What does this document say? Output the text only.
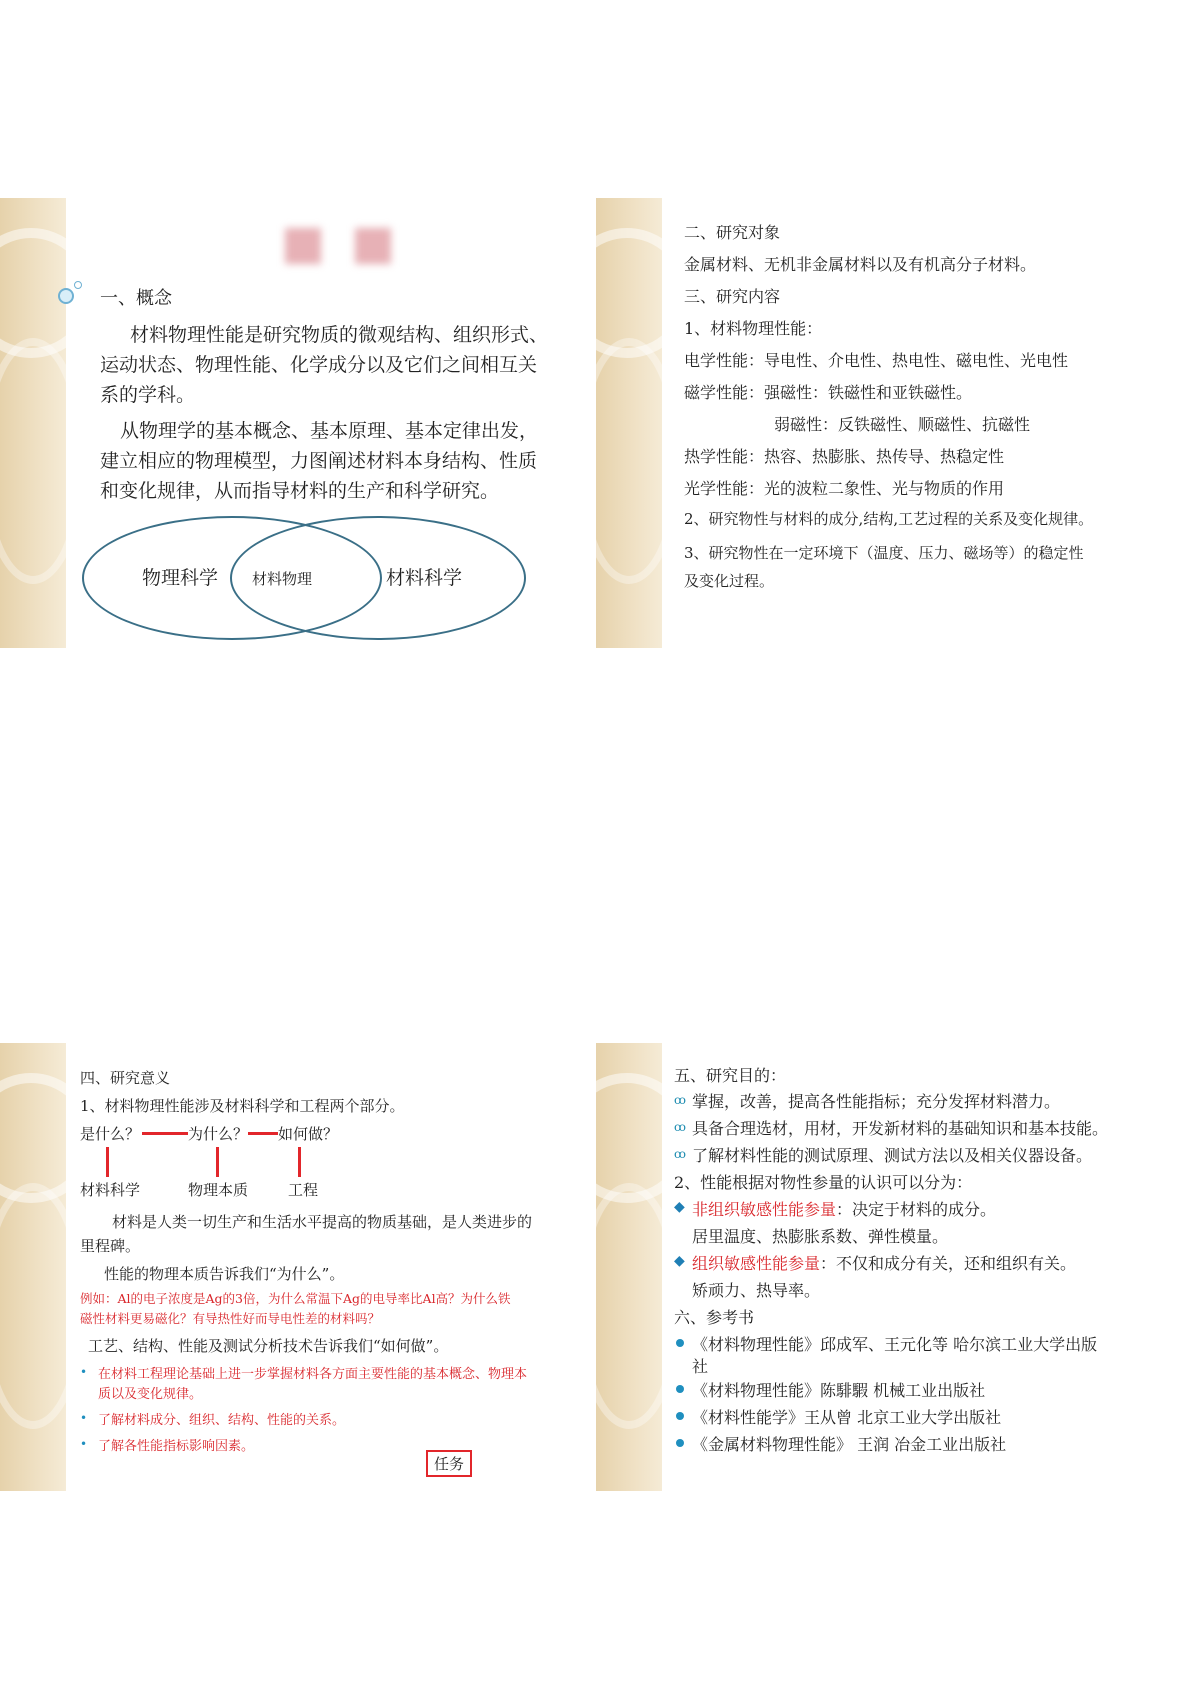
一、概念
材料物理性能是研究物质的微观结构、组织形式、
运动状态、物理性能、化学成分以及它们之间相互关
系的学科。
从物理学的基本概念、基本原理、基本定律出发，
建立相应的物理模型，力图阐述材料本身结构、性质
和变化规律，从而指导材料的生产和科学研究。
物理科学 材料物理	材料科学
二、研究对象
金属材料、无机非金属材料以及有机高分子材料。
三、研究内容
1、材料物理性能：
电学性能：导电性、介电性、热电性、磁电性、光电性
磁学性能：强磁性：铁磁性和亚铁磁性。
弱磁性：反铁磁性、顺磁性、抗磁性
热学性能：热容、热膨胀、热传导、热稳定性
光学性能：光的波粒二象性、光与物质的作用
2、研究物性与材料的成分,结构,工艺过程的关系及变化规律。
3、研究物性在一定环境下（温度、压力、磁场等）的稳定性
及变化过程。
四、研究意义
1、材料物理性能涉及材料科学和工程两个部分。
是什么？	为什么？ 如何做？
材料科学	物理本质	工程
材料是人类一切生产和生活水平提高的物质基础，是人类进步的
里程碑。
性能的物理本质告诉我们“为什么”。
例如：Al的电子浓度是Ag的3倍，为什么常温下Ag的电导率比Al高？为什么铁
磁性材料更易磁化？有导热性好而导电性差的材料吗？
工艺、结构、性能及测试分析技术告诉我们“如何做”。
• 在材料工程理论基础上进一步掌握材料各方面主要性能的基本概念、物理本
质以及变化规律。
• 了解材料成分、组织、结构、性能的关系。
• 了解各性能指标影响因素。
任务
五、研究目的：
ꝏ 掌握，改善，提高各性能指标；充分发挥材料潜力。
ꝏ 具备合理选材，用材，开发新材料的基础知识和基本技能。
ꝏ 了解材料性能的测试原理、测试方法以及相关仪器设备。
2、性能根据对物性参量的认识可以分为：
◆ 非组织敏感性能参量：决定于材料的成分。
居里温度、热膨胀系数、弹性模量。
◆ 组织敏感性能参量：不仅和成分有关，还和组织有关。
矫顽力、热导率。
六、参考书
《材料物理性能》邱成军、王元化等 哈尔滨工业大学出版
社
《材料物理性能》陈騑騢 机械工业出版社
《材料性能学》王从曾 北京工业大学出版社
《金属材料物理性能》 王润 冶金工业出版社
